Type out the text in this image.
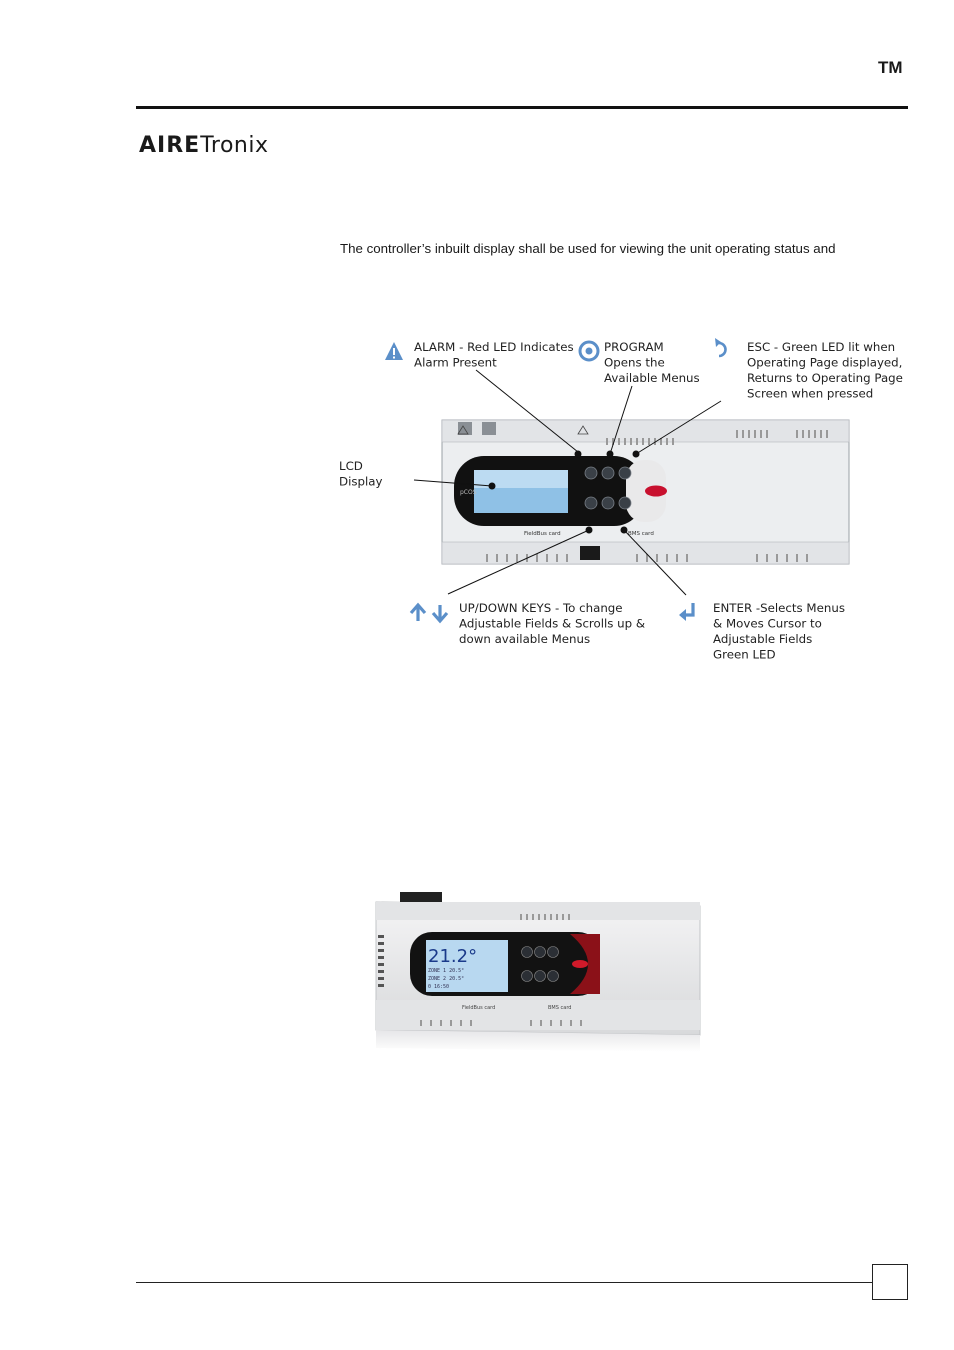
TM
AIRETronix
The controller’s inbuilt display shall be used for viewing the unit operating status and
ALARM - Red LED Indicates Alarm Present
PROGRAM Opens the Available Menus
ESC - Green LED lit when Operating Page displayed, Returns to Operating Page Screen when pressed
LCD Display
UP/DOWN KEYS - To change Adjustable Fields & Scrolls up & down available Menus
ENTER -Selects Menus & Moves Cursor to Adjustable Fields Green LED
pCOS
FieldBus card	BMS card
21.2°
ZONE 1 20.5°
ZONE 2 20.5°
0 16:50
FieldBus card	BMS card
